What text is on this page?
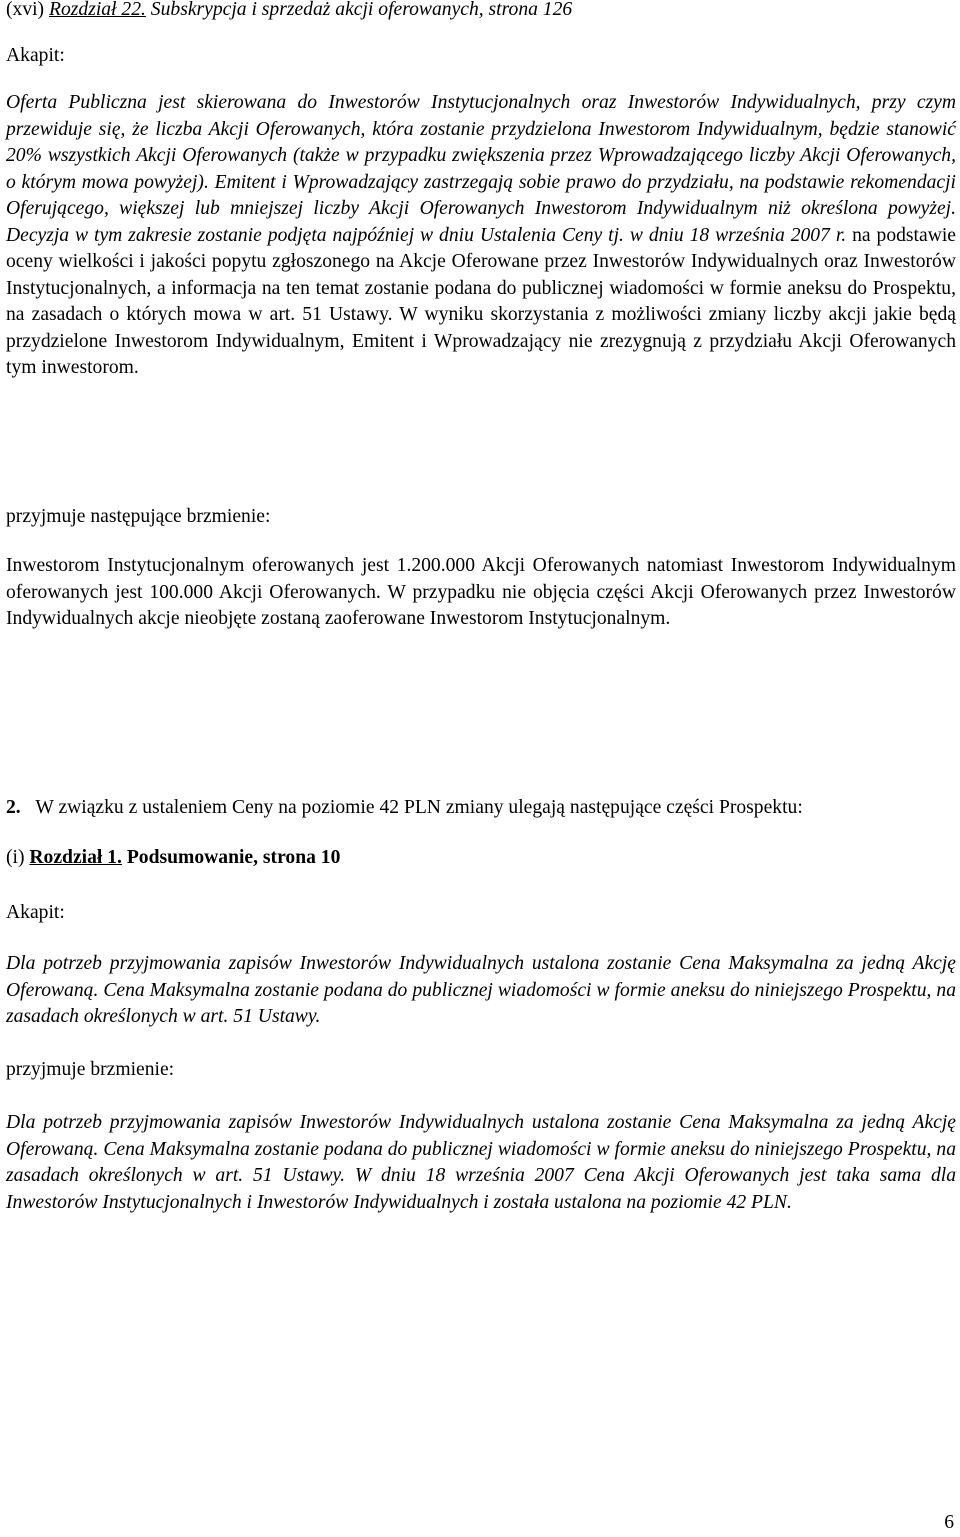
(xvi) Rozdział 22. Subskrypcja i sprzedaż akcji oferowanych, strona 126

Akapit:

Oferta Publiczna jest skierowana do Inwestorów Instytucjonalnych oraz Inwestorów Indywidualnych, przy czym przewiduje się, że liczba Akcji Oferowanych, która zostanie przydzielona Inwestorom Indywidualnym, będzie stanowić 20% wszystkich Akcji Oferowanych (także w przypadku zwiększenia przez Wprowadzającego liczby Akcji Oferowanych, o którym mowa powyżej). Emitent i Wprowadzający zastrzegają sobie prawo do przydziału, na podstawie rekomendacji Oferującego, większej lub mniejszej liczby Akcji Oferowanych Inwestorom Indywidualnym niż określona powyżej. Decyzja w tym zakresie zostanie podjęta najpóźniej w dniu Ustalenia Ceny tj. w dniu 18 września 2007 r. na podstawie oceny wielkości i jakości popytu zgłoszonego na Akcje Oferowane przez Inwestorów Indywidualnych oraz Inwestorów Instytucjonalnych, a informacja na ten temat zostanie podana do publicznej wiadomości w formie aneksu do Prospektu, na zasadach o których mowa w art. 51 Ustawy. W wyniku skorzystania z możliwości zmiany liczby akcji jakie będą przydzielone Inwestorom Indywidualnym, Emitent i Wprowadzający nie zrezygnują z przydziału Akcji Oferowanych tym inwestorom.

przyjmuje następujące brzmienie:

Inwestorom Instytucjonalnym oferowanych jest 1.200.000 Akcji Oferowanych natomiast Inwestorom Indywidualnym oferowanych jest 100.000 Akcji Oferowanych. W przypadku nie objęcia części Akcji Oferowanych przez Inwestorów Indywidualnych akcje nieobjęte zostaną zaoferowane Inwestorom Instytucjonalnym.

2. W związku z ustaleniem Ceny na poziomie 42 PLN zmiany ulegają następujące części Prospektu:

(i) Rozdział 1. Podsumowanie, strona 10

Akapit:

Dla potrzeb przyjmowania zapisów Inwestorów Indywidualnych ustalona zostanie Cena Maksymalna za jedną Akcję Oferowaną. Cena Maksymalna zostanie podana do publicznej wiadomości w formie aneksu do niniejszego Prospektu, na zasadach określonych w art. 51 Ustawy.

przyjmuje brzmienie:

Dla potrzeb przyjmowania zapisów Inwestorów Indywidualnych ustalona zostanie Cena Maksymalna za jedną Akcję Oferowaną. Cena Maksymalna zostanie podana do publicznej wiadomości w formie aneksu do niniejszego Prospektu, na zasadach określonych w art. 51 Ustawy. W dniu 18 września 2007 Cena Akcji Oferowanych jest taka sama dla Inwestorów Instytucjonalnych i Inwestorów Indywidualnych i została ustalona na poziomie 42 PLN.

6
